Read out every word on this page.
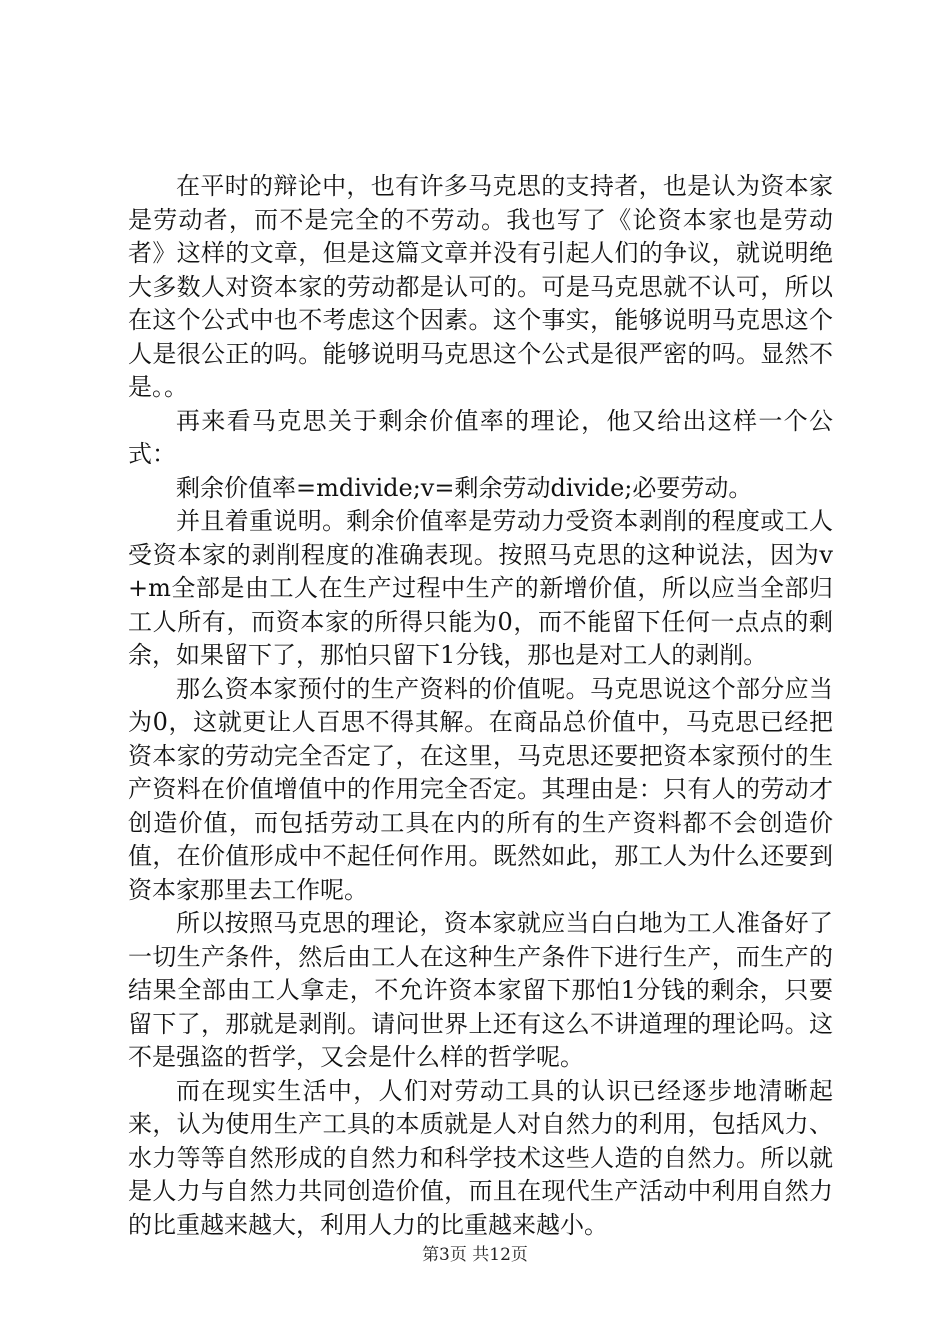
在平时的辩论中，也有许多马克思的支持者，也是认为资本家是劳动者，而不是完全的不劳动。我也写了《论资本家也是劳动者》这样的文章，但是这篇文章并没有引起人们的争议，就说明绝大多数人对资本家的劳动都是认可的。可是马克思就不认可，所以在这个公式中也不考虑这个因素。这个事实，能够说明马克思这个人是很公正的吗。能够说明马克思这个公式是很严密的吗。显然不是。。

再来看马克思关于剩余价值率的理论，他又给出这样一个公式：

剩余价值率=mdivide;v=剩余劳动divide;必要劳动。

并且着重说明。剩余价值率是劳动力受资本剥削的程度或工人受资本家的剥削程度的准确表现。按照马克思的这种说法，因为v+m全部是由工人在生产过程中生产的新增价值，所以应当全部归工人所有，而资本家的所得只能为0，而不能留下任何一点点的剩余，如果留下了，那怕只留下1分钱，那也是对工人的剥削。

那么资本家预付的生产资料的价值呢。马克思说这个部分应当为0，这就更让人百思不得其解。在商品总价值中，马克思已经把资本家的劳动完全否定了，在这里，马克思还要把资本家预付的生产资料在价值增值中的作用完全否定。其理由是：只有人的劳动才创造价值，而包括劳动工具在内的所有的生产资料都不会创造价值，在价值形成中不起任何作用。既然如此，那工人为什么还要到资本家那里去工作呢。

所以按照马克思的理论，资本家就应当白白地为工人准备好了一切生产条件，然后由工人在这种生产条件下进行生产，而生产的结果全部由工人拿走，不允许资本家留下那怕1分钱的剩余，只要留下了，那就是剥削。请问世界上还有这么不讲道理的理论吗。这不是强盗的哲学，又会是什么样的哲学呢。

而在现实生活中，人们对劳动工具的认识已经逐步地清晰起来，认为使用生产工具的本质就是人对自然力的利用，包括风力、水力等等自然形成的自然力和科学技术这些人造的自然力。所以就是人力与自然力共同创造价值，而且在现代生产活动中利用自然力的比重越来越大，利用人力的比重越来越小。

第3页 共12页
